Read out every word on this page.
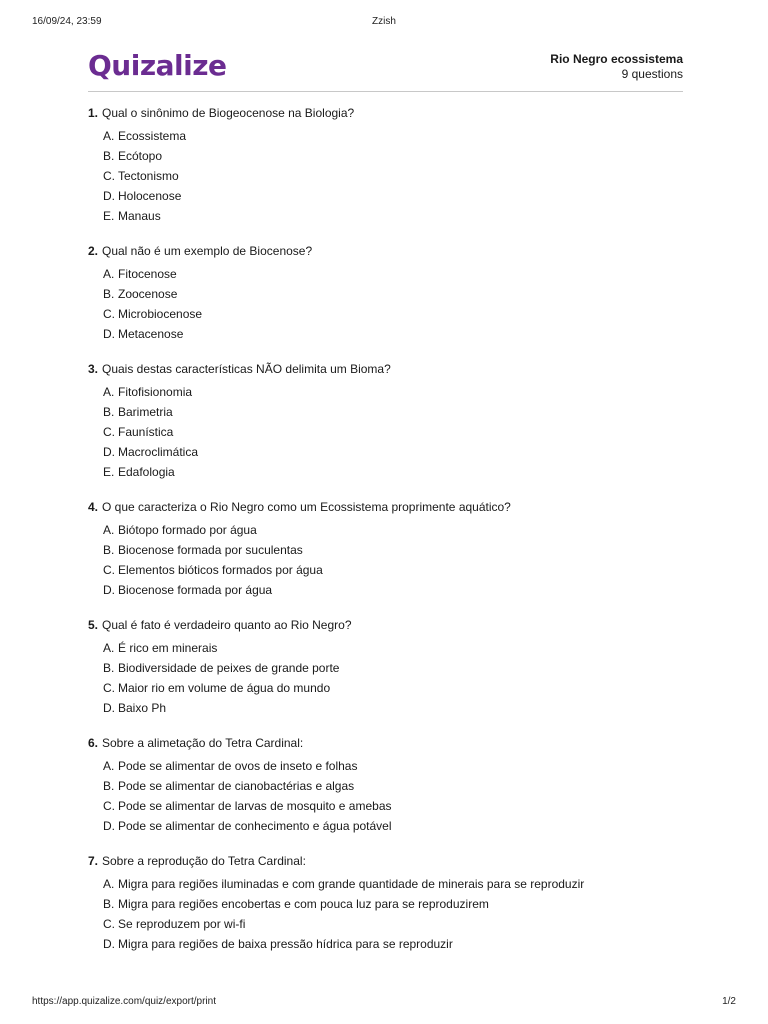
16/09/24, 23:59	Zzish
Quizalize	Rio Negro ecossistema
9 questions
1. Qual o sinônimo de Biogeocenose na Biologia?
A. Ecossistema
B. Ecótopo
C. Tectonismo
D. Holocenose
E. Manaus
2. Qual não é um exemplo de Biocenose?
A. Fitocenose
B. Zoocenose
C. Microbiocenose
D. Metacenose
3. Quais destas características NÃO delimita um Bioma?
A. Fitofisionomia
B. Barimetria
C. Faunística
D. Macroclimática
E. Edafologia
4. O que caracteriza o Rio Negro como um Ecossistema proprimente aquático?
A. Biótopo formado por água
B. Biocenose formada por suculentas
C. Elementos bióticos formados por água
D. Biocenose formada por água
5. Qual é fato é verdadeiro quanto ao Rio Negro?
A. É rico em minerais
B. Biodiversidade de peixes de grande porte
C. Maior rio em volume de água do mundo
D. Baixo Ph
6. Sobre a alimetação do Tetra Cardinal:
A. Pode se alimentar de ovos de inseto e folhas
B. Pode se alimentar de cianobactérias e algas
C. Pode se alimentar de larvas de mosquito e amebas
D. Pode se alimentar de conhecimento e água potável
7. Sobre a reprodução do Tetra Cardinal:
A. Migra para regiões iluminadas e com grande quantidade de minerais para se reproduzir
B. Migra para regiões encobertas e com pouca luz para se reproduzirem
C. Se reproduzem por wi-fi
D. Migra para regiões de baixa pressão hídrica para se reproduzir
https://app.quizalize.com/quiz/export/print	1/2
